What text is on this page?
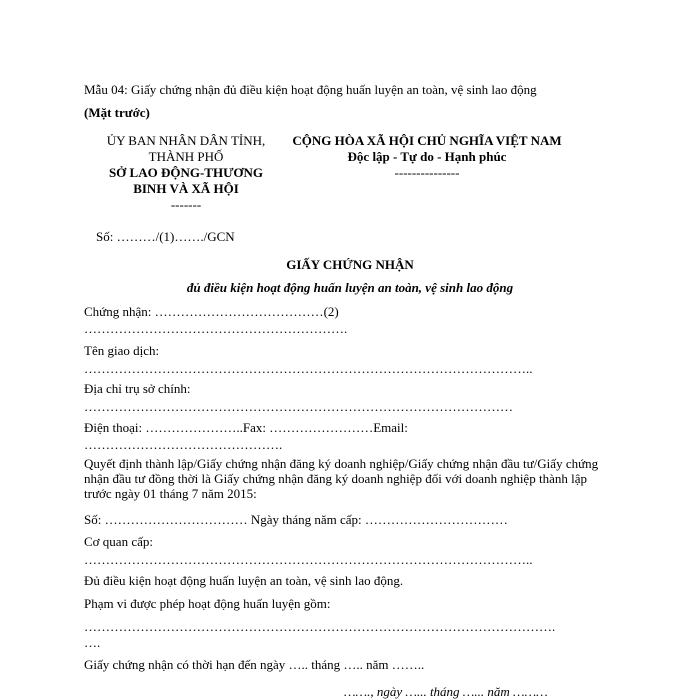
Mẫu 04: Giấy chứng nhận đủ điều kiện hoạt động huấn luyện an toàn, vệ sinh lao động
(Mặt trước)
ỦY BAN NHÂN DÂN TỈNH,
THÀNH PHỐ
SỞ LAO ĐỘNG-THƯƠNG
BINH VÀ XÃ HỘI
-------
CỘNG HÒA XÃ HỘI CHỦ NGHĨA VIỆT NAM
Độc lập - Tự do - Hạnh phúc
---------------
Số: ………/(1)……./GCN
GIẤY CHỨNG NHẬN
đủ điều kiện hoạt động huấn luyện an toàn, vệ sinh lao động
Chứng nhận: …………………………………(2)
…………………………………………………….
Tên giao dịch:
…………………………………………………………………………………………..
Địa chỉ trụ sở chính:
………………………………………………………………………………………
Điện thoại: …………………..Fax: ……………………Email:
……………………………………….
Quyết định thành lập/Giấy chứng nhận đăng ký doanh nghiệp/Giấy chứng nhận đầu tư/Giấy chứng nhận đầu tư đồng thời là Giấy chứng nhận đăng ký doanh nghiệp đối với doanh nghiệp thành lập trước ngày 01 tháng 7 năm 2015:
Số: …………………………… Ngày tháng năm cấp: ……………………………
Cơ quan cấp:
…………………………………………………………………………………………..
Đủ điều kiện hoạt động huấn luyện an toàn, vệ sinh lao động.
Phạm vi được phép hoạt động huấn luyện gồm:
……………………………………………………………………………………………….
….
Giấy chứng nhận có thời hạn đến ngày ….. tháng ….. năm ……..
……., ngày …... tháng …... năm ………
